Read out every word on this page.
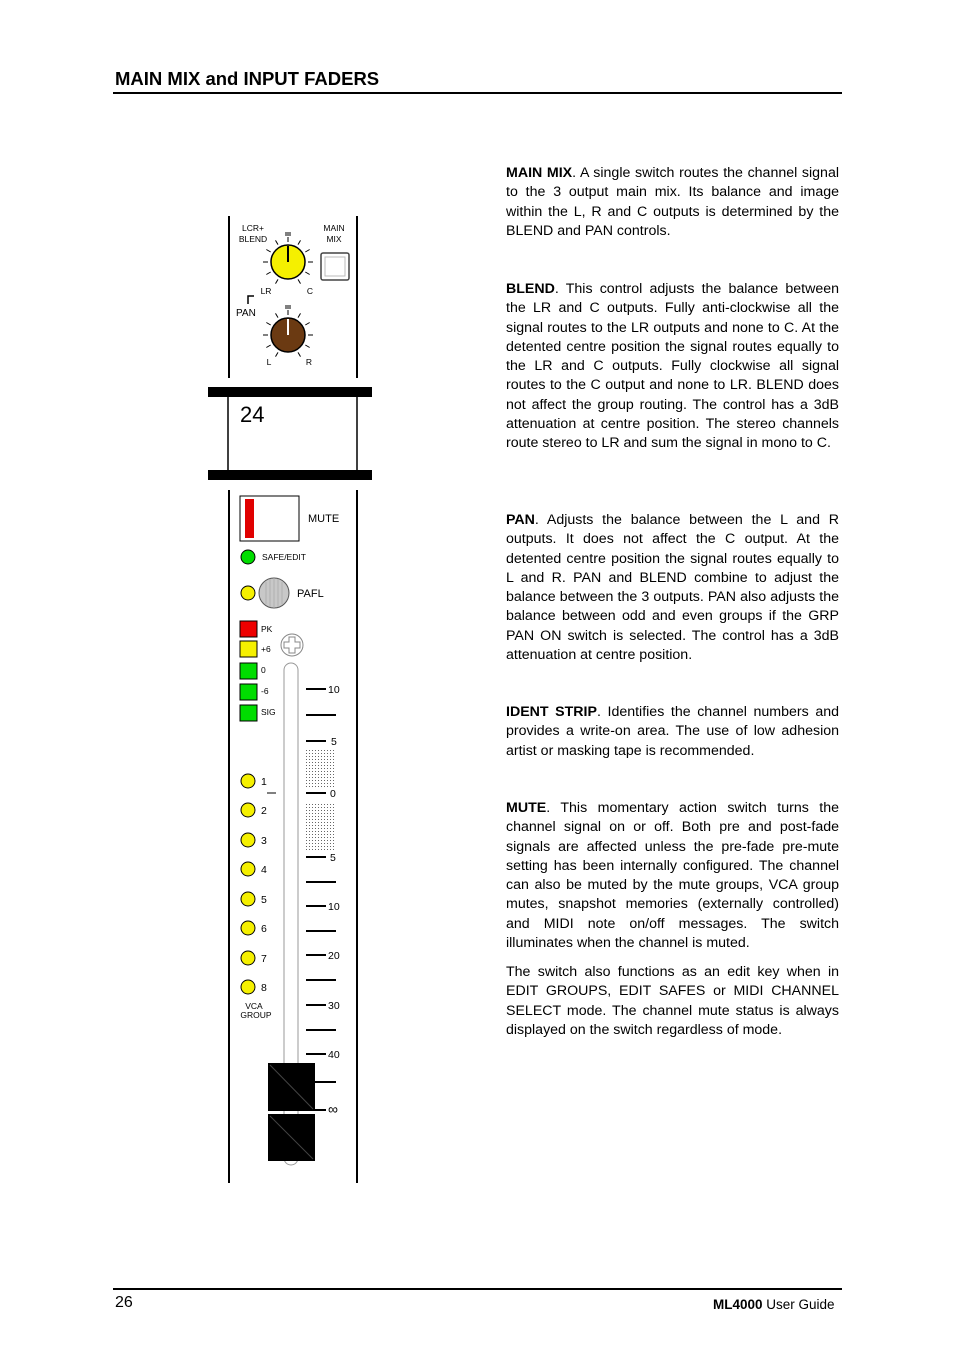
MAIN MIX and INPUT FADERS
LCR+
BLEND
MAIN
MIX
LR	C
PAN
L	R
24
MUTE
SAFE/EDIT
PAFL
PK
+6
0
-6
SIG
1
2
3
4
5
6
7
8
VCA
GROUP
10
5
0
5
10
20
30
40
∞

MAIN MIX. A single switch routes the channel signal to the 3 output main mix. Its balance and image within the L, R and C outputs is determined by the BLEND and PAN controls.

BLEND. This control adjusts the balance between the LR and C outputs. Fully anti-clockwise all the signal routes to the LR outputs and none to C. At the detented centre position the signal routes equally to the LR and C outputs. Fully clockwise all signal routes to the C output and none to LR. BLEND does not affect the group routing. The control has a 3dB attenuation at centre position. The stereo channels route stereo to LR and sum the signal in mono to C.

PAN. Adjusts the balance between the L and R outputs. It does not affect the C output. At the detented centre position the signal routes equally to L and R. PAN and BLEND combine to adjust the balance between the 3 outputs. PAN also adjusts the balance between odd and even groups if the GRP PAN ON switch is selected. The control has a 3dB attenuation at centre position.

IDENT STRIP. Identifies the channel numbers and provides a write-on area. The use of low adhesion artist or masking tape is recommended.

MUTE. This momentary action switch turns the channel signal on or off. Both pre and post-fade signals are affected unless the pre-fade pre-mute setting has been internally configured. The channel can also be muted by the mute groups, VCA group mutes, snapshot memories (externally controlled) and MIDI note on/off messages. The switch illuminates when the channel is muted.

The switch also functions as an edit key when in EDIT GROUPS, EDIT SAFES or MIDI CHANNEL SELECT mode. The channel mute status is always displayed on the switch regardless of mode.

26	ML4000 User Guide
